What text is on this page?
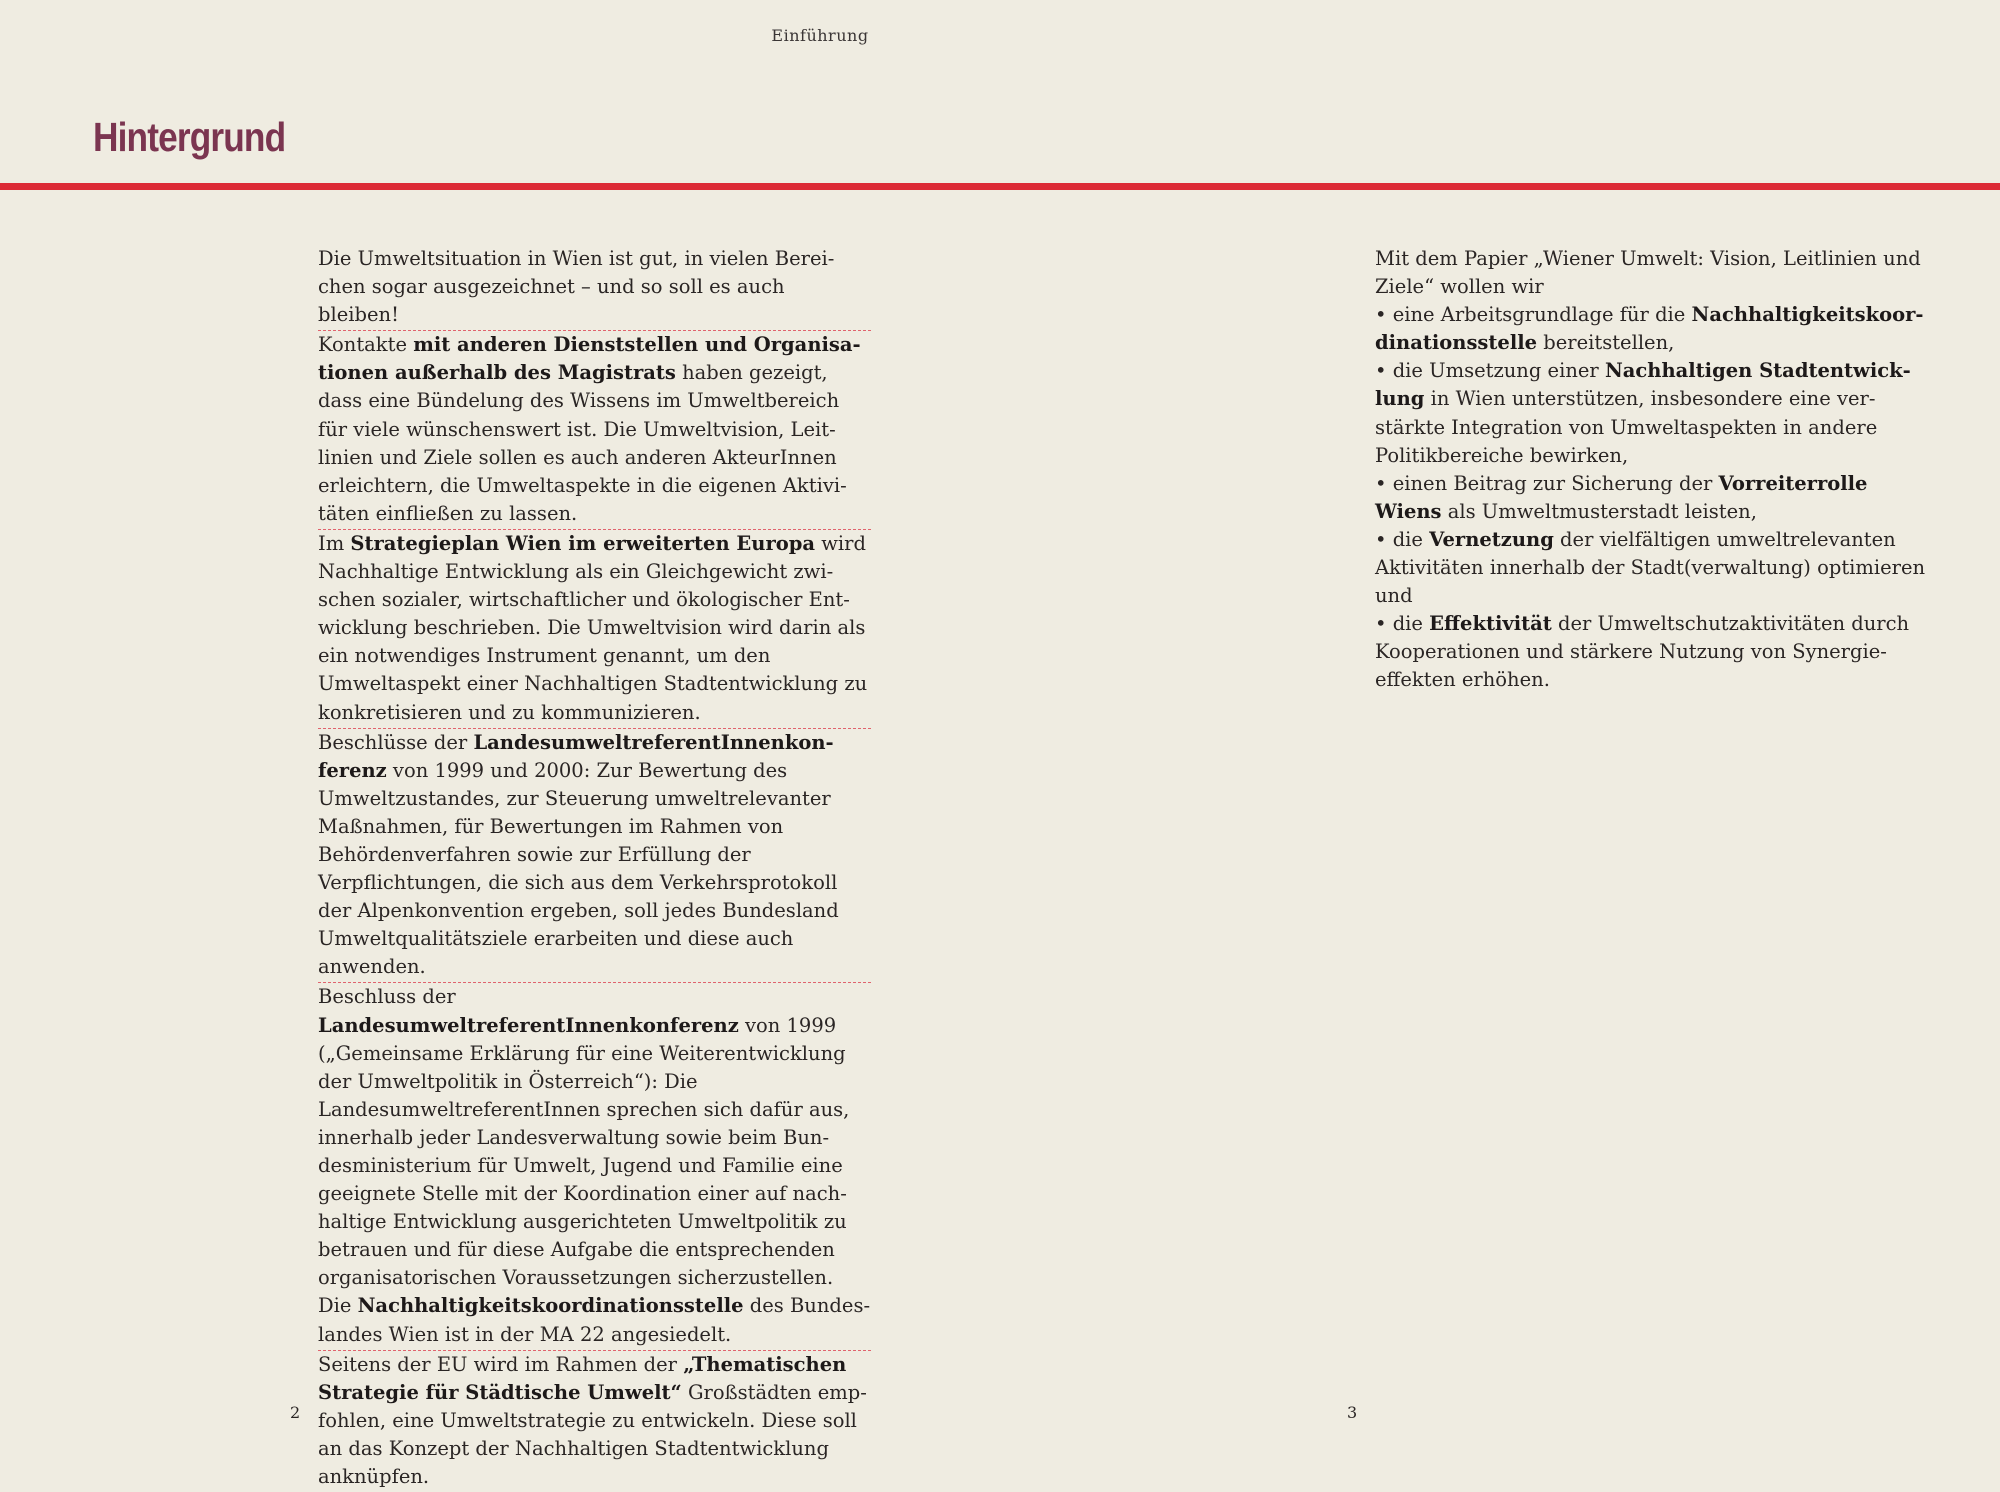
Einführung
Hintergrund

Die Umweltsituation in Wien ist gut, in vielen Bereichen sogar ausgezeichnet – und so soll es auch bleiben!

Kontakte mit anderen Dienststellen und Organisationen außerhalb des Magistrats haben gezeigt, dass eine Bündelung des Wissens im Umweltbereich für viele wünschenswert ist. Die Umweltvision, Leitlinien und Ziele sollen es auch anderen AkteurInnen erleichtern, die Umweltaspekte in die eigenen Aktivitäten einfließen zu lassen.

Im Strategieplan Wien im erweiterten Europa wird Nachhaltige Entwicklung als ein Gleichgewicht zwischen sozialer, wirtschaftlicher und ökologischer Entwicklung beschrieben. Die Umweltvision wird darin als ein notwendiges Instrument genannt, um den Umweltaspekt einer Nachhaltigen Stadtentwicklung zu konkretisieren und zu kommunizieren.

Beschlüsse der LandesumweltreferentInnenkonferenz von 1999 und 2000: Zur Bewertung des Umweltzustandes, zur Steuerung umweltrelevanter Maßnahmen, für Bewertungen im Rahmen von Behördenverfahren sowie zur Erfüllung der Verpflichtungen, die sich aus dem Verkehrsprotokoll der Alpenkonvention ergeben, soll jedes Bundesland Umweltqualitätsziele erarbeiten und diese auch anwenden.

Beschluss der LandesumweltreferentInnenkonferenz von 1999 („Gemeinsame Erklärung für eine Weiterentwicklung der Umweltpolitik in Österreich“): Die LandesumweltreferentInnen sprechen sich dafür aus, innerhalb jeder Landesverwaltung sowie beim Bundesministerium für Umwelt, Jugend und Familie eine geeignete Stelle mit der Koordination einer auf nachhaltige Entwicklung ausgerichteten Umweltpolitik zu betrauen und für diese Aufgabe die entsprechenden organisatorischen Voraussetzungen sicherzustellen.
Die Nachhaltigkeitskoordinationsstelle des Bundeslandes Wien ist in der MA 22 angesiedelt.

Seitens der EU wird im Rahmen der „Thematischen Strategie für Städtische Umwelt“ Großstädten empfohlen, eine Umweltstrategie zu entwickeln. Diese soll an das Konzept der Nachhaltigen Stadtentwicklung anknüpfen.

Mit dem Papier „Wiener Umwelt: Vision, Leitlinien und Ziele“ wollen wir

• eine Arbeitsgrundlage für die Nachhaltigkeitskoordinationsstelle bereitstellen,
• die Umsetzung einer Nachhaltigen Stadtentwicklung in Wien unterstützen, insbesondere eine verstärkte Integration von Umweltaspekten in andere Politikbereiche bewirken,
• einen Beitrag zur Sicherung der Vorreiterrolle Wiens als Umweltmusterstadt leisten,
• die Vernetzung der vielfältigen umweltrelevanten Aktivitäten innerhalb der Stadt(verwaltung) optimieren und
• die Effektivität der Umweltschutzaktivitäten durch Kooperationen und stärkere Nutzung von Synergieeffekten erhöhen.
2	3
